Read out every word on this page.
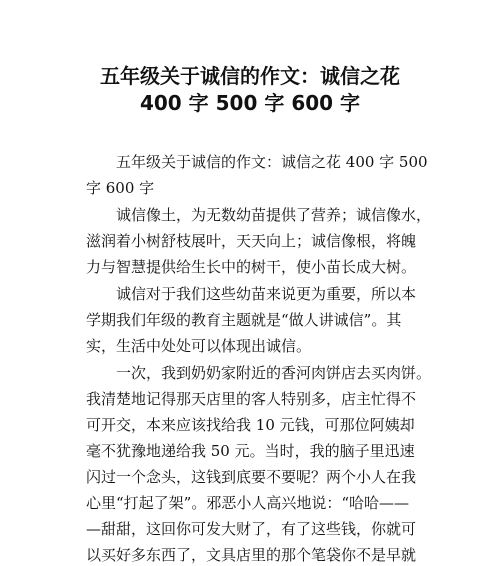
五年级关于诚信的作文：诚信之花
400 字 500 字 600 字

五年级关于诚信的作文：诚信之花 400 字 500

字 600 字

诚信像土，为无数幼苗提供了营养；诚信像水，

滋润着小树舒枝展叶，天天向上；诚信像根，将魄

力与智慧提供给生长中的树干，使小苗长成大树。

诚信对于我们这些幼苗来说更为重要，所以本

学期我们年级的教育主题就是“做人讲诚信”。其

实，生活中处处可以体现出诚信。

一次，我到奶奶家附近的香河肉饼店去买肉饼。

我清楚地记得那天店里的客人特别多，店主忙得不

可开交，本来应该找给我 10 元钱，可那位阿姨却

毫不犹豫地递给我 50 元。当时，我的脑子里迅速

闪过一个念头，这钱到底要不要呢？两个小人在我

心里“打起了架”。邪恶小人高兴地说：“哈哈——

—甜甜，这回你可发大财了，有了这些钱，你就可

以买好多东西了，文具店里的那个笔袋你不是早就
